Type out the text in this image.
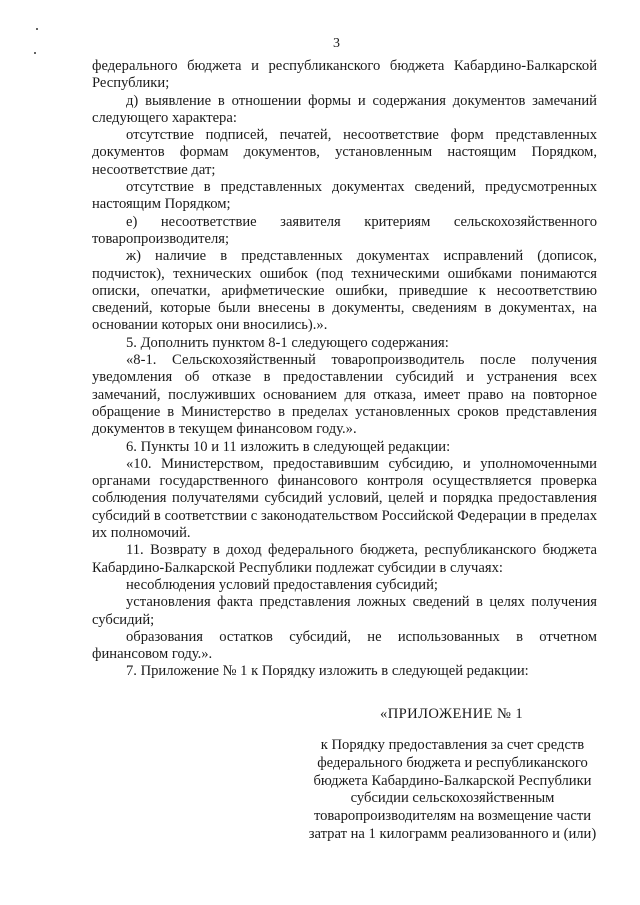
3

федерального бюджета и республиканского бюджета Кабардино-Балкарской Республики;

д) выявление в отношении формы и содержания документов замечаний следующего характера:

отсутствие подписей, печатей, несоответствие форм представленных документов формам документов, установленным настоящим Порядком, несоответствие дат;

отсутствие в представленных документах сведений, предусмотренных настоящим Порядком;

е) несоответствие заявителя критериям сельскохозяйственного товаропроизводителя;

ж) наличие в представленных документах исправлений (дописок, подчисток), технических ошибок (под техническими ошибками понимаются описки, опечатки, арифметические ошибки, приведшие к несоответствию сведений, которые были внесены в документы, сведениям в документах, на основании которых они вносились).».

5. Дополнить пунктом 8-1 следующего содержания:

«8-1. Сельскохозяйственный товаропроизводитель после получения уведомления об отказе в предоставлении субсидий и устранения всех замечаний, послуживших основанием для отказа, имеет право на повторное обращение в Министерство в пределах установленных сроков представления документов в текущем финансовом году.».

6. Пункты 10 и 11 изложить в следующей редакции:

«10. Министерством, предоставившим субсидию, и уполномоченными органами государственного финансового контроля осуществляется проверка соблюдения получателями субсидий условий, целей и порядка предоставления субсидий в соответствии с законодательством Российской Федерации в пределах их полномочий.

11. Возврату в доход федерального бюджета, республиканского бюджета Кабардино-Балкарской Республики подлежат субсидии в случаях:

несоблюдения условий предоставления субсидий;

установления факта представления ложных сведений в целях получения субсидий;

образования остатков субсидий, не использованных в отчетном финансовом году.».

7. Приложение № 1 к Порядку изложить в следующей редакции:

«ПРИЛОЖЕНИЕ № 1
к Порядку предоставления за счет средств
федерального бюджета и республиканского
бюджета Кабардино-Балкарской Республики
субсидии сельскохозяйственным
товаропроизводителям на возмещение части
затрат на 1 килограмм реализованного и (или)
